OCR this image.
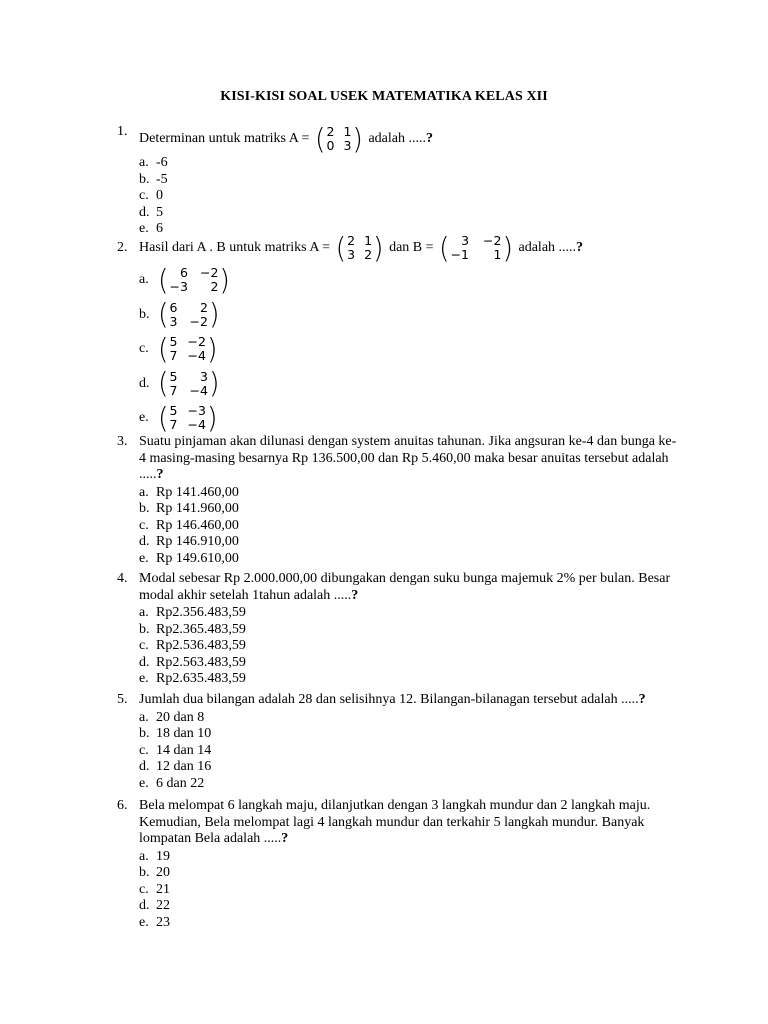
KISI-KISI SOAL USEK MATEMATIKA KELAS XII
1. Determinan untuk matriks A = ( 2 1
0 3 ) adalah ..... ?
a. -6
b. -5
c. 0
d. 5
e. 6
2. Hasil dari A . B untuk matriks A = ( 2 1
3 2 ) dan B = ( 3 −2
−1	1 ) adalah ..... ?
a. ( 6 −2
−3	2 )
b. ( 6	2
3 −2 )
c. ( 5 −2
7 −4 )
d. ( 5	3
7 −4 )
e. ( 5 −3
7 −4 )
3. Suatu pinjaman akan dilunasi dengan system anuitas tahunan. Jika angsuran ke-4 dan bunga ke-4 masing-masing besarnya Rp 136.500,00 dan Rp 5.460,00 maka besar anuitas tersebut adalah .....?
a. Rp 141.460,00
b. Rp 141.960,00
c. Rp 146.460,00
d. Rp 146.910,00
e. Rp 149.610,00
4. Modal sebesar Rp 2.000.000,00 dibungakan dengan suku bunga majemuk 2% per bulan. Besar modal akhir setelah 1tahun adalah .....?
a. Rp2.356.483,59
b. Rp2.365.483,59
c. Rp2.536.483,59
d. Rp2.563.483,59
e. Rp2.635.483,59
5. Jumlah dua bilangan adalah 28 dan selisihnya 12. Bilangan-bilanagan tersebut adalah .....?
a. 20 dan 8
b. 18 dan 10
c. 14 dan 14
d. 12 dan 16
e. 6 dan 22
6. Bela melompat 6 langkah maju, dilanjutkan dengan 3 langkah mundur dan 2 langkah maju. Kemudian, Bela melompat lagi 4 langkah mundur dan terkahir 5 langkah mundur. Banyak lompatan Bela adalah .....?
a. 19
b. 20
c. 21
d. 22
e. 23
